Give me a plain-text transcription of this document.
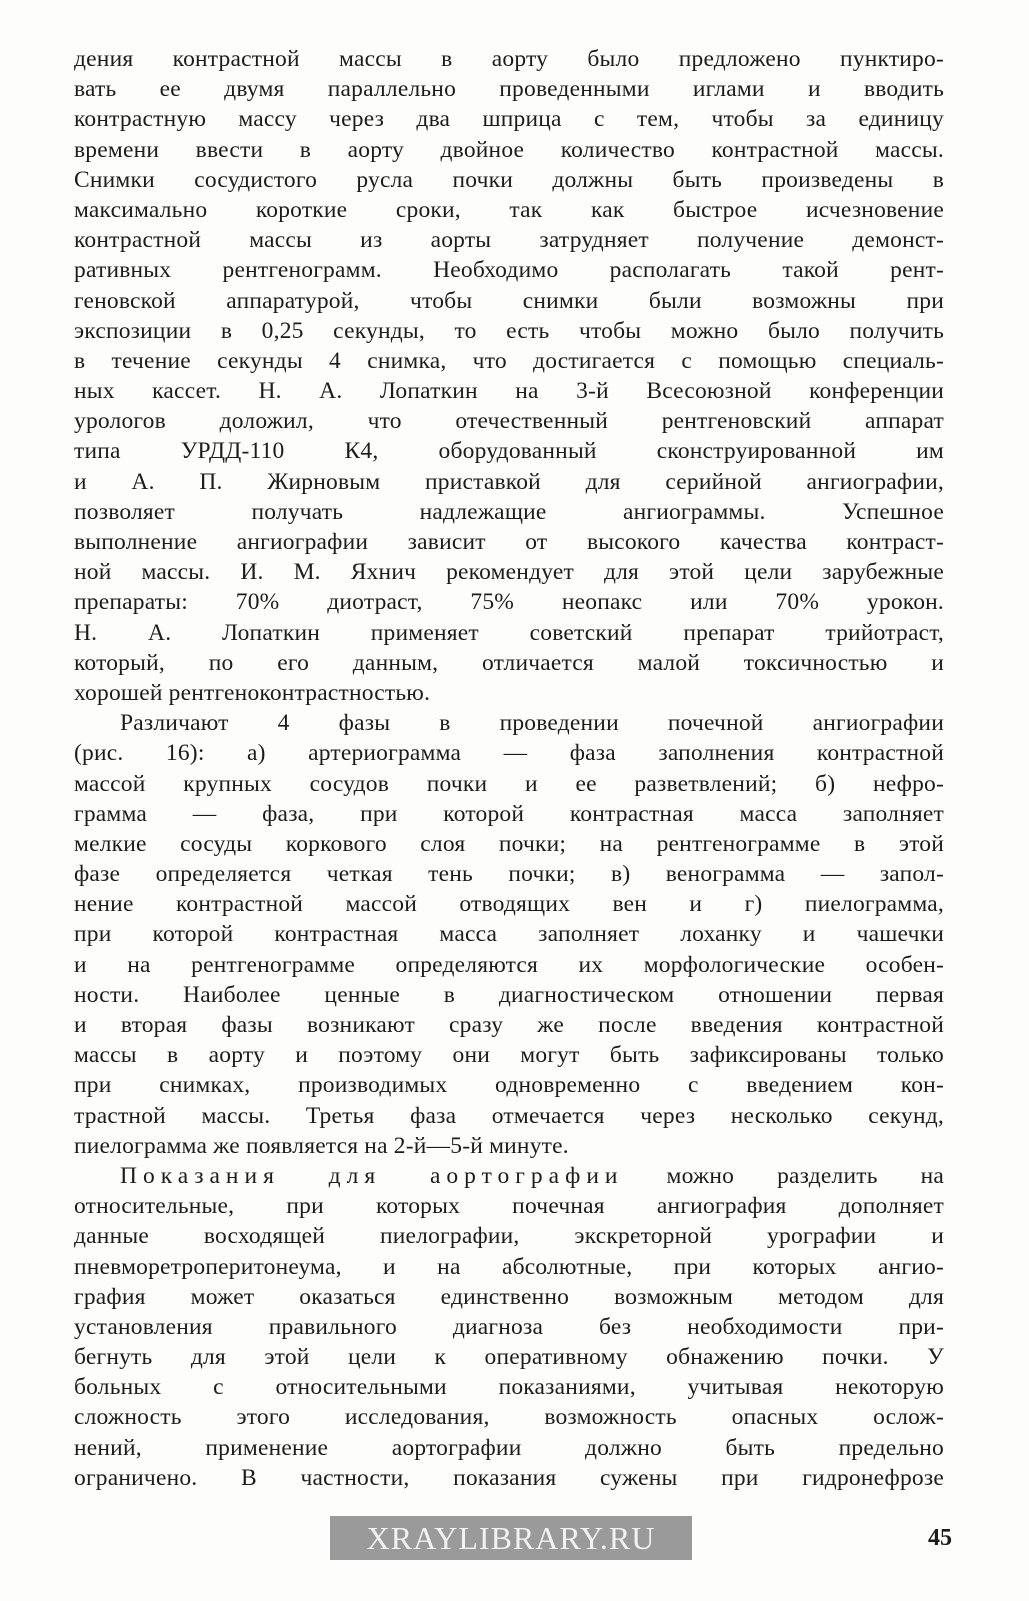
дения контрастной массы в аорту было предложено пунктиро-
вать ее двумя параллельно проведенными иглами и вводить
контрастную массу через два шприца с тем, чтобы за единицу
времени ввести в аорту двойное количество контрастной массы.
Снимки сосудистого русла почки должны быть произведены в
максимально короткие сроки, так как быстрое исчезновение
контрастной массы из аорты затрудняет получение демонст-
ративных рентгенограмм. Необходимо располагать такой рент-
геновской аппаратурой, чтобы снимки были возможны при
экспозиции в 0,25 секунды, то есть чтобы можно было получить
в течение секунды 4 снимка, что достигается с помощью специаль-
ных кассет. Н. А. Лопаткин на 3-й Всесоюзной конференции
урологов доложил, что отечественный рентгеновский аппарат
типа УРДД-110 К4, оборудованный сконструированной им
и А. П. Жирновым приставкой для серийной ангиографии,
позволяет получать надлежащие ангиограммы. Успешное
выполнение ангиографии зависит от высокого качества контраст-
ной массы. И. М. Яхнич рекомендует для этой цели зарубежные
препараты: 70% диотраст, 75% неопакс или 70% урокон.
Н. А. Лопаткин применяет советский препарат трийотраст,
который, по его данным, отличается малой токсичностью и
хорошей рентгеноконтрастностью.
Различают 4 фазы в проведении почечной ангиографии
(рис. 16): а) артериограмма — фаза заполнения контрастной
массой крупных сосудов почки и ее разветвлений; б) нефро-
грамма — фаза, при которой контрастная масса заполняет
мелкие сосуды коркового слоя почки; на рентгенограмме в этой
фазе определяется четкая тень почки; в) венограмма — запол-
нение контрастной массой отводящих вен и г) пиелограмма,
при которой контрастная масса заполняет лоханку и чашечки
и на рентгенограмме определяются их морфологические особен-
ности. Наиболее ценные в диагностическом отношении первая
и вторая фазы возникают сразу же после введения контрастной
массы в аорту и поэтому они могут быть зафиксированы только
при снимках, производимых одновременно с введением кон-
трастной массы. Третья фаза отмечается через несколько секунд,
пиелограмма же появляется на 2-й—5-й минуте.
Показания для аортографии можно разделить на
относительные, при которых почечная ангиография дополняет
данные восходящей пиелографии, экскреторной урографии и
пневморетроперитонеума, и на абсолютные, при которых ангио-
графия может оказаться единственно возможным методом для
установления правильного диагноза без необходимости при-
бегнуть для этой цели к оперативному обнажению почки. У
больных с относительными показаниями, учитывая некоторую
сложность этого исследования, возможность опасных ослож-
нений, применение аортографии должно быть предельно
ограничено. В частности, показания сужены при гидронефрозе
XRAYLIBRARY.RU	45
